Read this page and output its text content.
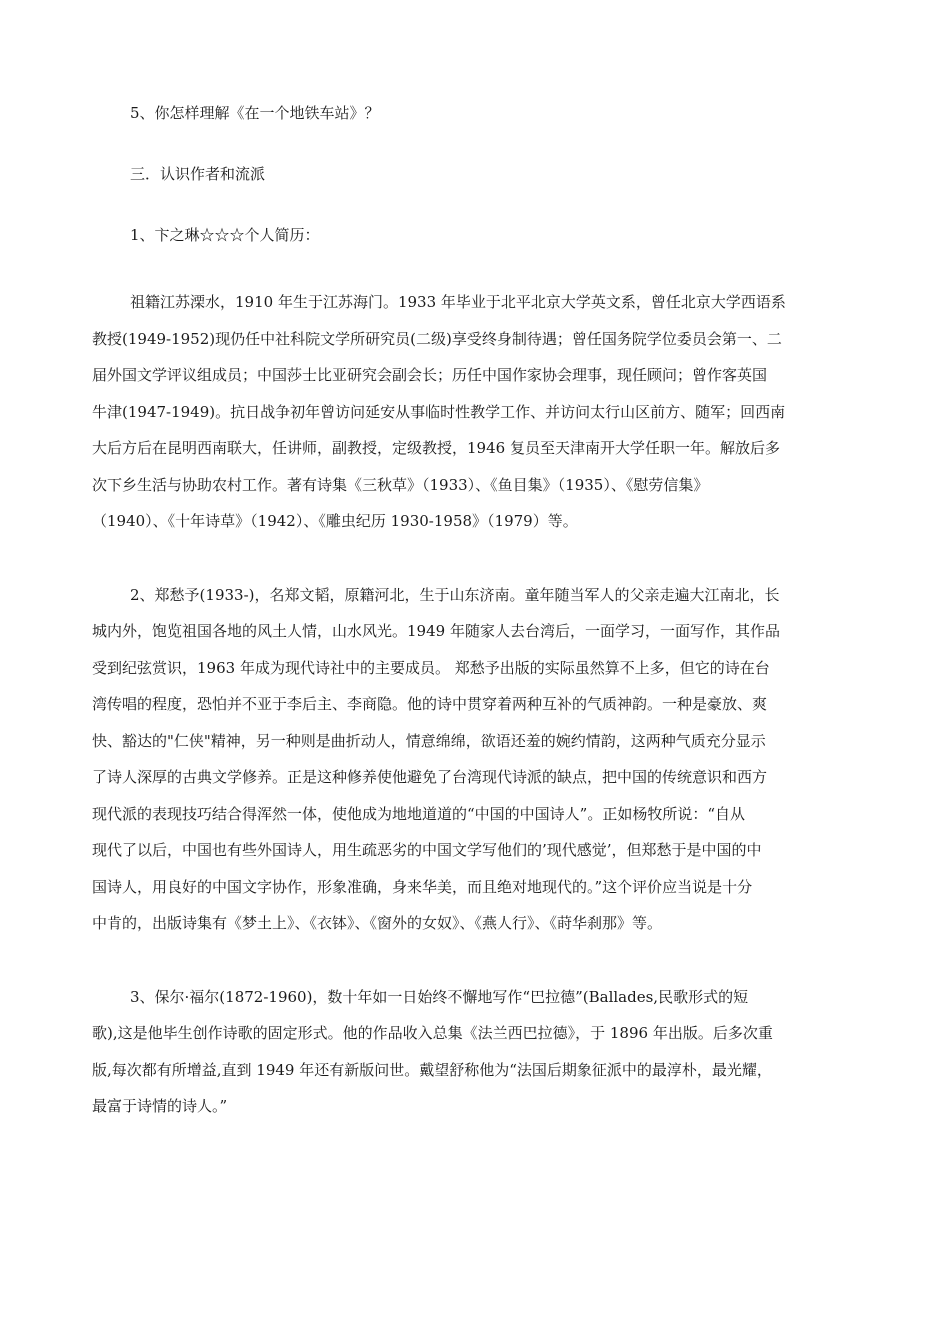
5、你怎样理解《在一个地铁车站》？

三．认识作者和流派

1、卞之琳☆☆☆个人简历：

祖籍江苏溧水，1910 年生于江苏海门。1933 年毕业于北平北京大学英文系，曾任北京大学西语系
教授(1949-1952)现仍任中社科院文学所研究员(二级)享受终身制待遇；曾任国务院学位委员会第一、二
届外国文学评议组成员；中国莎士比亚研究会副会长；历任中国作家协会理事，现任顾问；曾作客英国
牛津(1947-1949)。抗日战争初年曾访问延安从事临时性教学工作、并访问太行山区前方、随军；回西南
大后方后在昆明西南联大，任讲师，副教授，定级教授，1946 复员至天津南开大学任职一年。解放后多
次下乡生活与协助农村工作。著有诗集《三秋草》（1933）、《鱼目集》（1935）、《慰劳信集》
（1940）、《十年诗草》（1942）、《雕虫纪历 1930-1958》（1979）等。
2、郑愁予(1933-)，名郑文韬，原籍河北，生于山东济南。童年随当军人的父亲走遍大江南北，长
城内外，饱览祖国各地的风土人情，山水风光。1949 年随家人去台湾后，一面学习，一面写作，其作品
受到纪弦赏识，1963 年成为现代诗社中的主要成员。 郑愁予出版的实际虽然算不上多，但它的诗在台
湾传唱的程度，恐怕并不亚于李后主、李商隐。他的诗中贯穿着两种互补的气质神韵。一种是豪放、爽
快、豁达的"仁侠"精神，另一种则是曲折动人，情意绵绵，欲语还羞的婉约情韵，这两种气质充分显示
了诗人深厚的古典文学修养。正是这种修养使他避免了台湾现代诗派的缺点，把中国的传统意识和西方
现代派的表现技巧结合得浑然一体，使他成为地地道道的“中国的中国诗人”。正如杨牧所说：“自从
现代了以后，中国也有些外国诗人，用生疏恶劣的中国文学写他们的’现代感觉’，但郑愁于是中国的中
国诗人，用良好的中国文字协作，形象准确，身来华美，而且绝对地现代的。”这个评价应当说是十分
中肯的，出版诗集有《梦土上》、《衣钵》、《窗外的女奴》、《燕人行》、《莳华刹那》等。
3、保尔·福尔(1872-1960)，数十年如一日始终不懈地写作“巴拉德”(Ballades,民歌形式的短
歌),这是他毕生创作诗歌的固定形式。他的作品收入总集《法兰西巴拉德》，于 1896 年出版。后多次重
版,每次都有所增益,直到 1949 年还有新版问世。戴望舒称他为“法国后期象征派中的最淳朴，最光耀，
最富于诗情的诗人。”
